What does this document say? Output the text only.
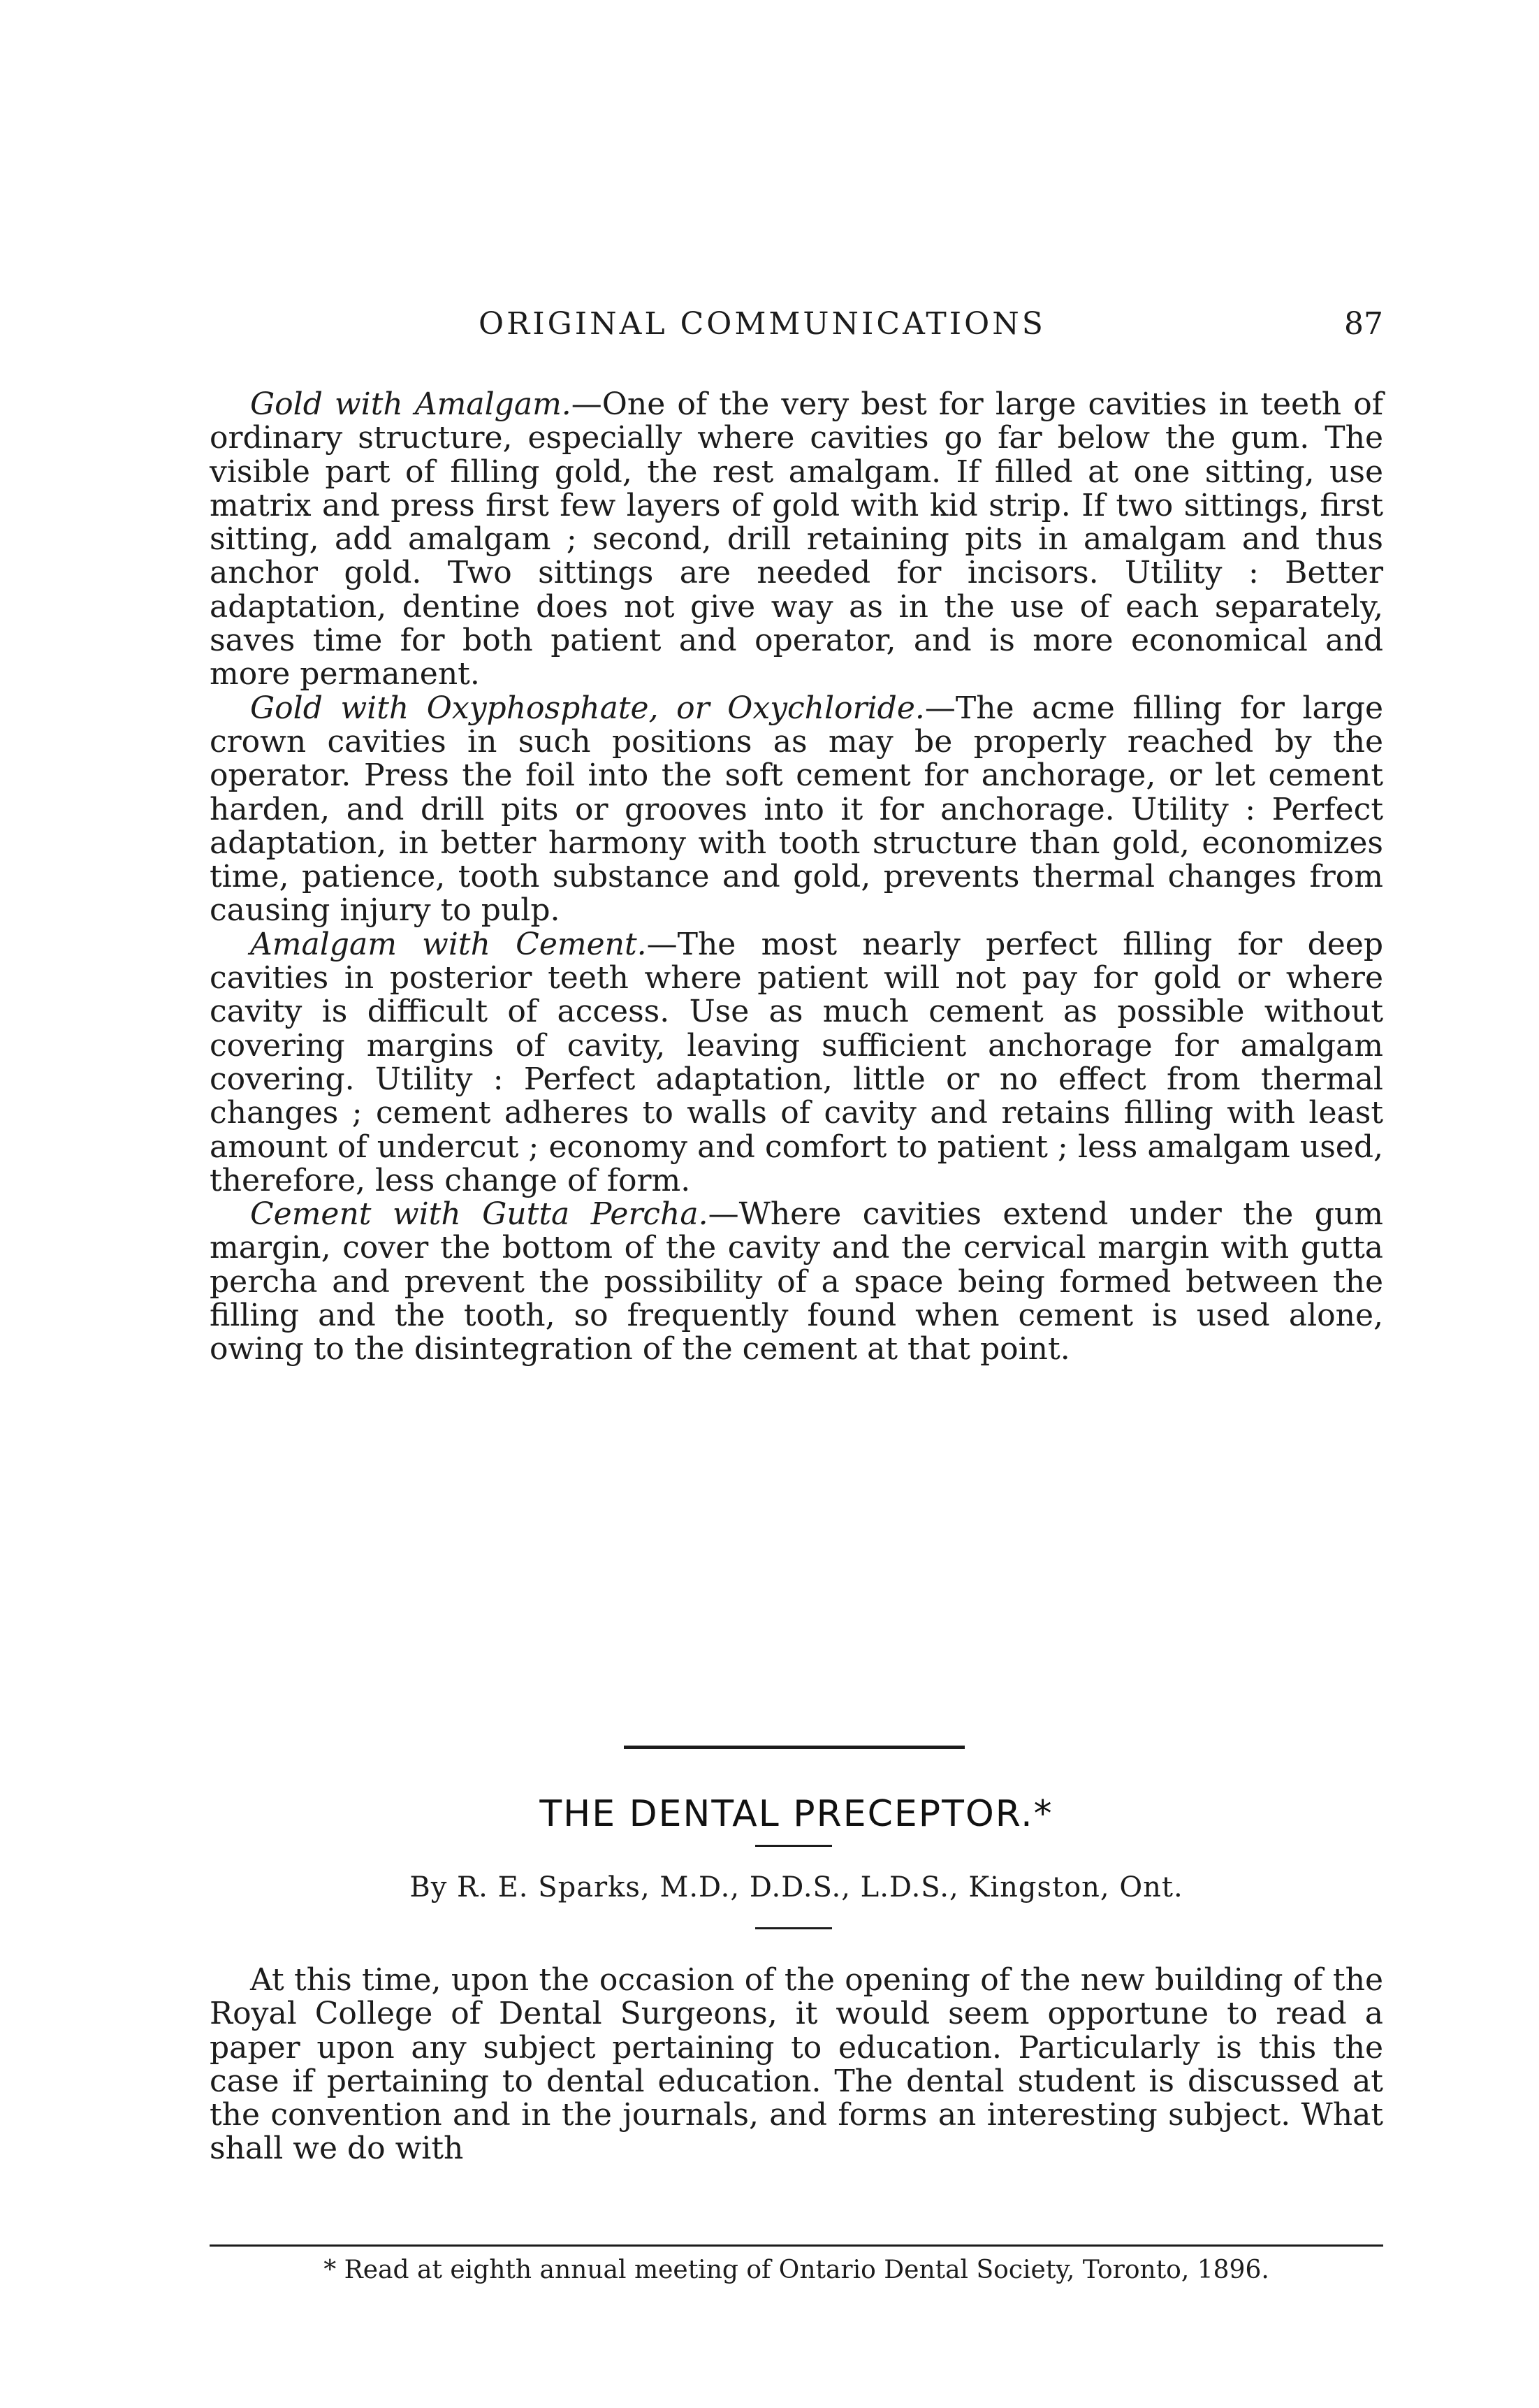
ORIGINAL COMMUNICATIONS	87

Gold with Amalgam.—One of the very best for large cavities in teeth of ordinary structure, especially where cavities go far below the gum. The visible part of filling gold, the rest amalgam. If filled at one sitting, use matrix and press first few layers of gold with kid strip. If two sittings, first sitting, add amalgam ; second, drill retaining pits in amalgam and thus anchor gold. Two sittings are needed for incisors. Utility : Better adaptation, dentine does not give way as in the use of each separately, saves time for both patient and operator, and is more economical and more permanent.

Gold with Oxyphosphate, or Oxychloride.—The acme filling for large crown cavities in such positions as may be properly reached by the operator. Press the foil into the soft cement for anchorage, or let cement harden, and drill pits or grooves into it for anchorage. Utility : Perfect adaptation, in better harmony with tooth structure than gold, economizes time, patience, tooth substance and gold, prevents thermal changes from causing injury to pulp.

Amalgam with Cement.—The most nearly perfect filling for deep cavities in posterior teeth where patient will not pay for gold or where cavity is difficult of access. Use as much cement as possible without covering margins of cavity, leaving sufficient anchorage for amalgam covering. Utility : Perfect adaptation, little or no effect from thermal changes ; cement adheres to walls of cavity and retains filling with least amount of undercut ; economy and comfort to patient ; less amalgam used, therefore, less change of form.

Cement with Gutta Percha.—Where cavities extend under the gum margin, cover the bottom of the cavity and the cervical margin with gutta percha and prevent the possibility of a space being formed between the filling and the tooth, so frequently found when cement is used alone, owing to the disintegration of the cement at that point.

THE DENTAL PRECEPTOR.*
By R. E. Sparks, M.D., D.D.S., L.D.S., Kingston, Ont.

At this time, upon the occasion of the opening of the new building of the Royal College of Dental Surgeons, it would seem opportune to read a paper upon any subject pertaining to education. Particularly is this the case if pertaining to dental education. The dental student is discussed at the convention and in the journals, and forms an interesting subject. What shall we do with

* Read at eighth annual meeting of Ontario Dental Society, Toronto, 1896.
